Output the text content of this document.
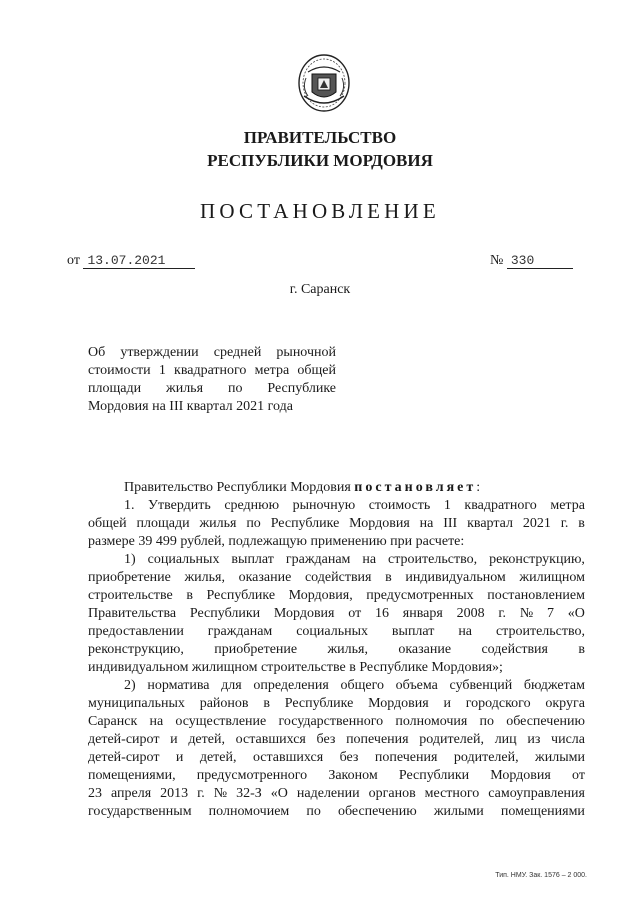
ПРАВИТЕЛЬСТВО
РЕСПУБЛИКИ МОРДОВИЯ
ПОСТАНОВЛЕНИЕ
от 13.07.2021	№ 330
г. Саранск
Об утверждении средней рыночной
стоимости 1 квадратного метра общей
площади жилья по Республике
Мордовия на III квартал 2021 года
Правительство Республики Мордовия постановляет:
1. Утвердить среднюю рыночную стоимость 1 квадратного метра
общей площади жилья по Республике Мордовия на III квартал 2021 г. в
размере 39 499 рублей, подлежащую применению при расчете:
1) социальных выплат гражданам на строительство, реконструкцию,
приобретение жилья, оказание содействия в индивидуальном жилищном
строительстве в Республике Мордовия, предусмотренных постановлением
Правительства Республики Мордовия от 16 января 2008 г. № 7 «О
предоставлении гражданам социальных выплат на строительство,
реконструкцию, приобретение жилья, оказание содействия в
индивидуальном жилищном строительстве в Республике Мордовия»;
2) норматива для определения общего объема субвенций бюджетам
муниципальных районов в Республике Мордовия и городского округа
Саранск на осуществление государственного полномочия по обеспечению
детей-сирот и детей, оставшихся без попечения родителей, лиц из числа
детей-сирот и детей, оставшихся без попечения родителей, жилыми
помещениями, предусмотренного Законом Республики Мордовия от
23 апреля 2013 г. № 32-З «О наделении органов местного самоуправления
государственным полномочием по обеспечению жилыми помещениями
Тип. НМУ. Зак. 1576 – 2 000.
